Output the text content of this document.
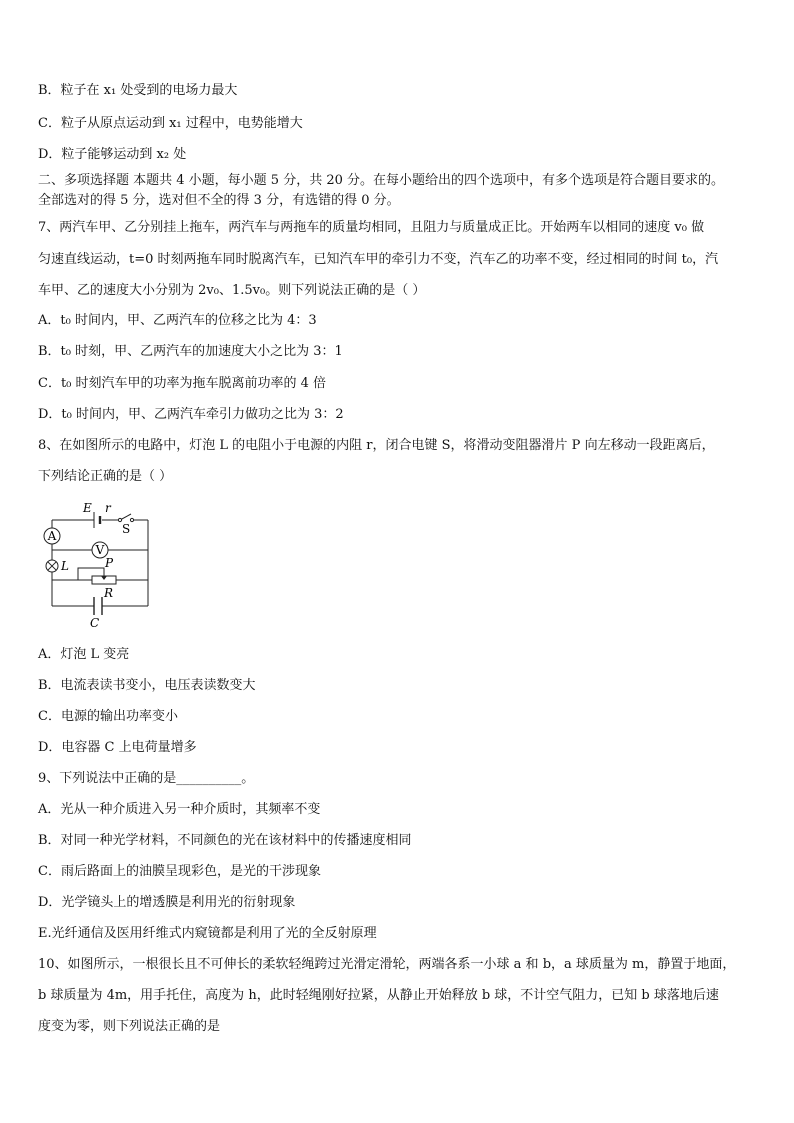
B．粒子在 x₁ 处受到的电场力最大
C．粒子从原点运动到 x₁ 过程中，电势能增大
D．粒子能够运动到 x₂ 处
二、多项选择题 本题共 4 小题，每小题 5 分，共 20 分。在每小题给出的四个选项中，有多个选项是符合题目要求的。
全部选对的得 5 分，选对但不全的得 3 分，有选错的得 0 分。
7、两汽车甲、乙分别挂上拖车，两汽车与两拖车的质量均相同，且阻力与质量成正比。开始两车以相同的速度 v₀ 做
匀速直线运动，t=0 时刻两拖车同时脱离汽车，已知汽车甲的牵引力不变，汽车乙的功率不变，经过相同的时间 t₀，汽
车甲、乙的速度大小分别为 2v₀、1.5v₀。则下列说法正确的是（ ）
A．t₀ 时间内，甲、乙两汽车的位移之比为 4：3
B．t₀ 时刻，甲、乙两汽车的加速度大小之比为 3：1
C．t₀ 时刻汽车甲的功率为拖车脱离前功率的 4 倍
D．t₀ 时间内，甲、乙两汽车牵引力做功之比为 3：2
8、在如图所示的电路中，灯泡 L 的电阻小于电源的内阻 r，闭合电键 S，将滑动变阻器滑片 P 向左移动一段距离后，
下列结论正确的是（ ）
A
V
E r
S
L	P
R
C
A．灯泡 L 变亮
B．电流表读书变小，电压表读数变大
C．电源的输出功率变小
D．电容器 C 上电荷量增多
9、下列说法中正确的是__________。
A．光从一种介质进入另一种介质时，其频率不变
B．对同一种光学材料，不同颜色的光在该材料中的传播速度相同
C．雨后路面上的油膜呈现彩色，是光的干涉现象
D．光学镜头上的增透膜是利用光的衍射现象
E.光纤通信及医用纤维式内窥镜都是利用了光的全反射原理
10、如图所示，一根很长且不可伸长的柔软轻绳跨过光滑定滑轮，两端各系一小球 a 和 b，a 球质量为 m，静置于地面，
b 球质量为 4m，用手托住，高度为 h，此时轻绳刚好拉紧，从静止开始释放 b 球，不计空气阻力，已知 b 球落地后速
度变为零，则下列说法正确的是
